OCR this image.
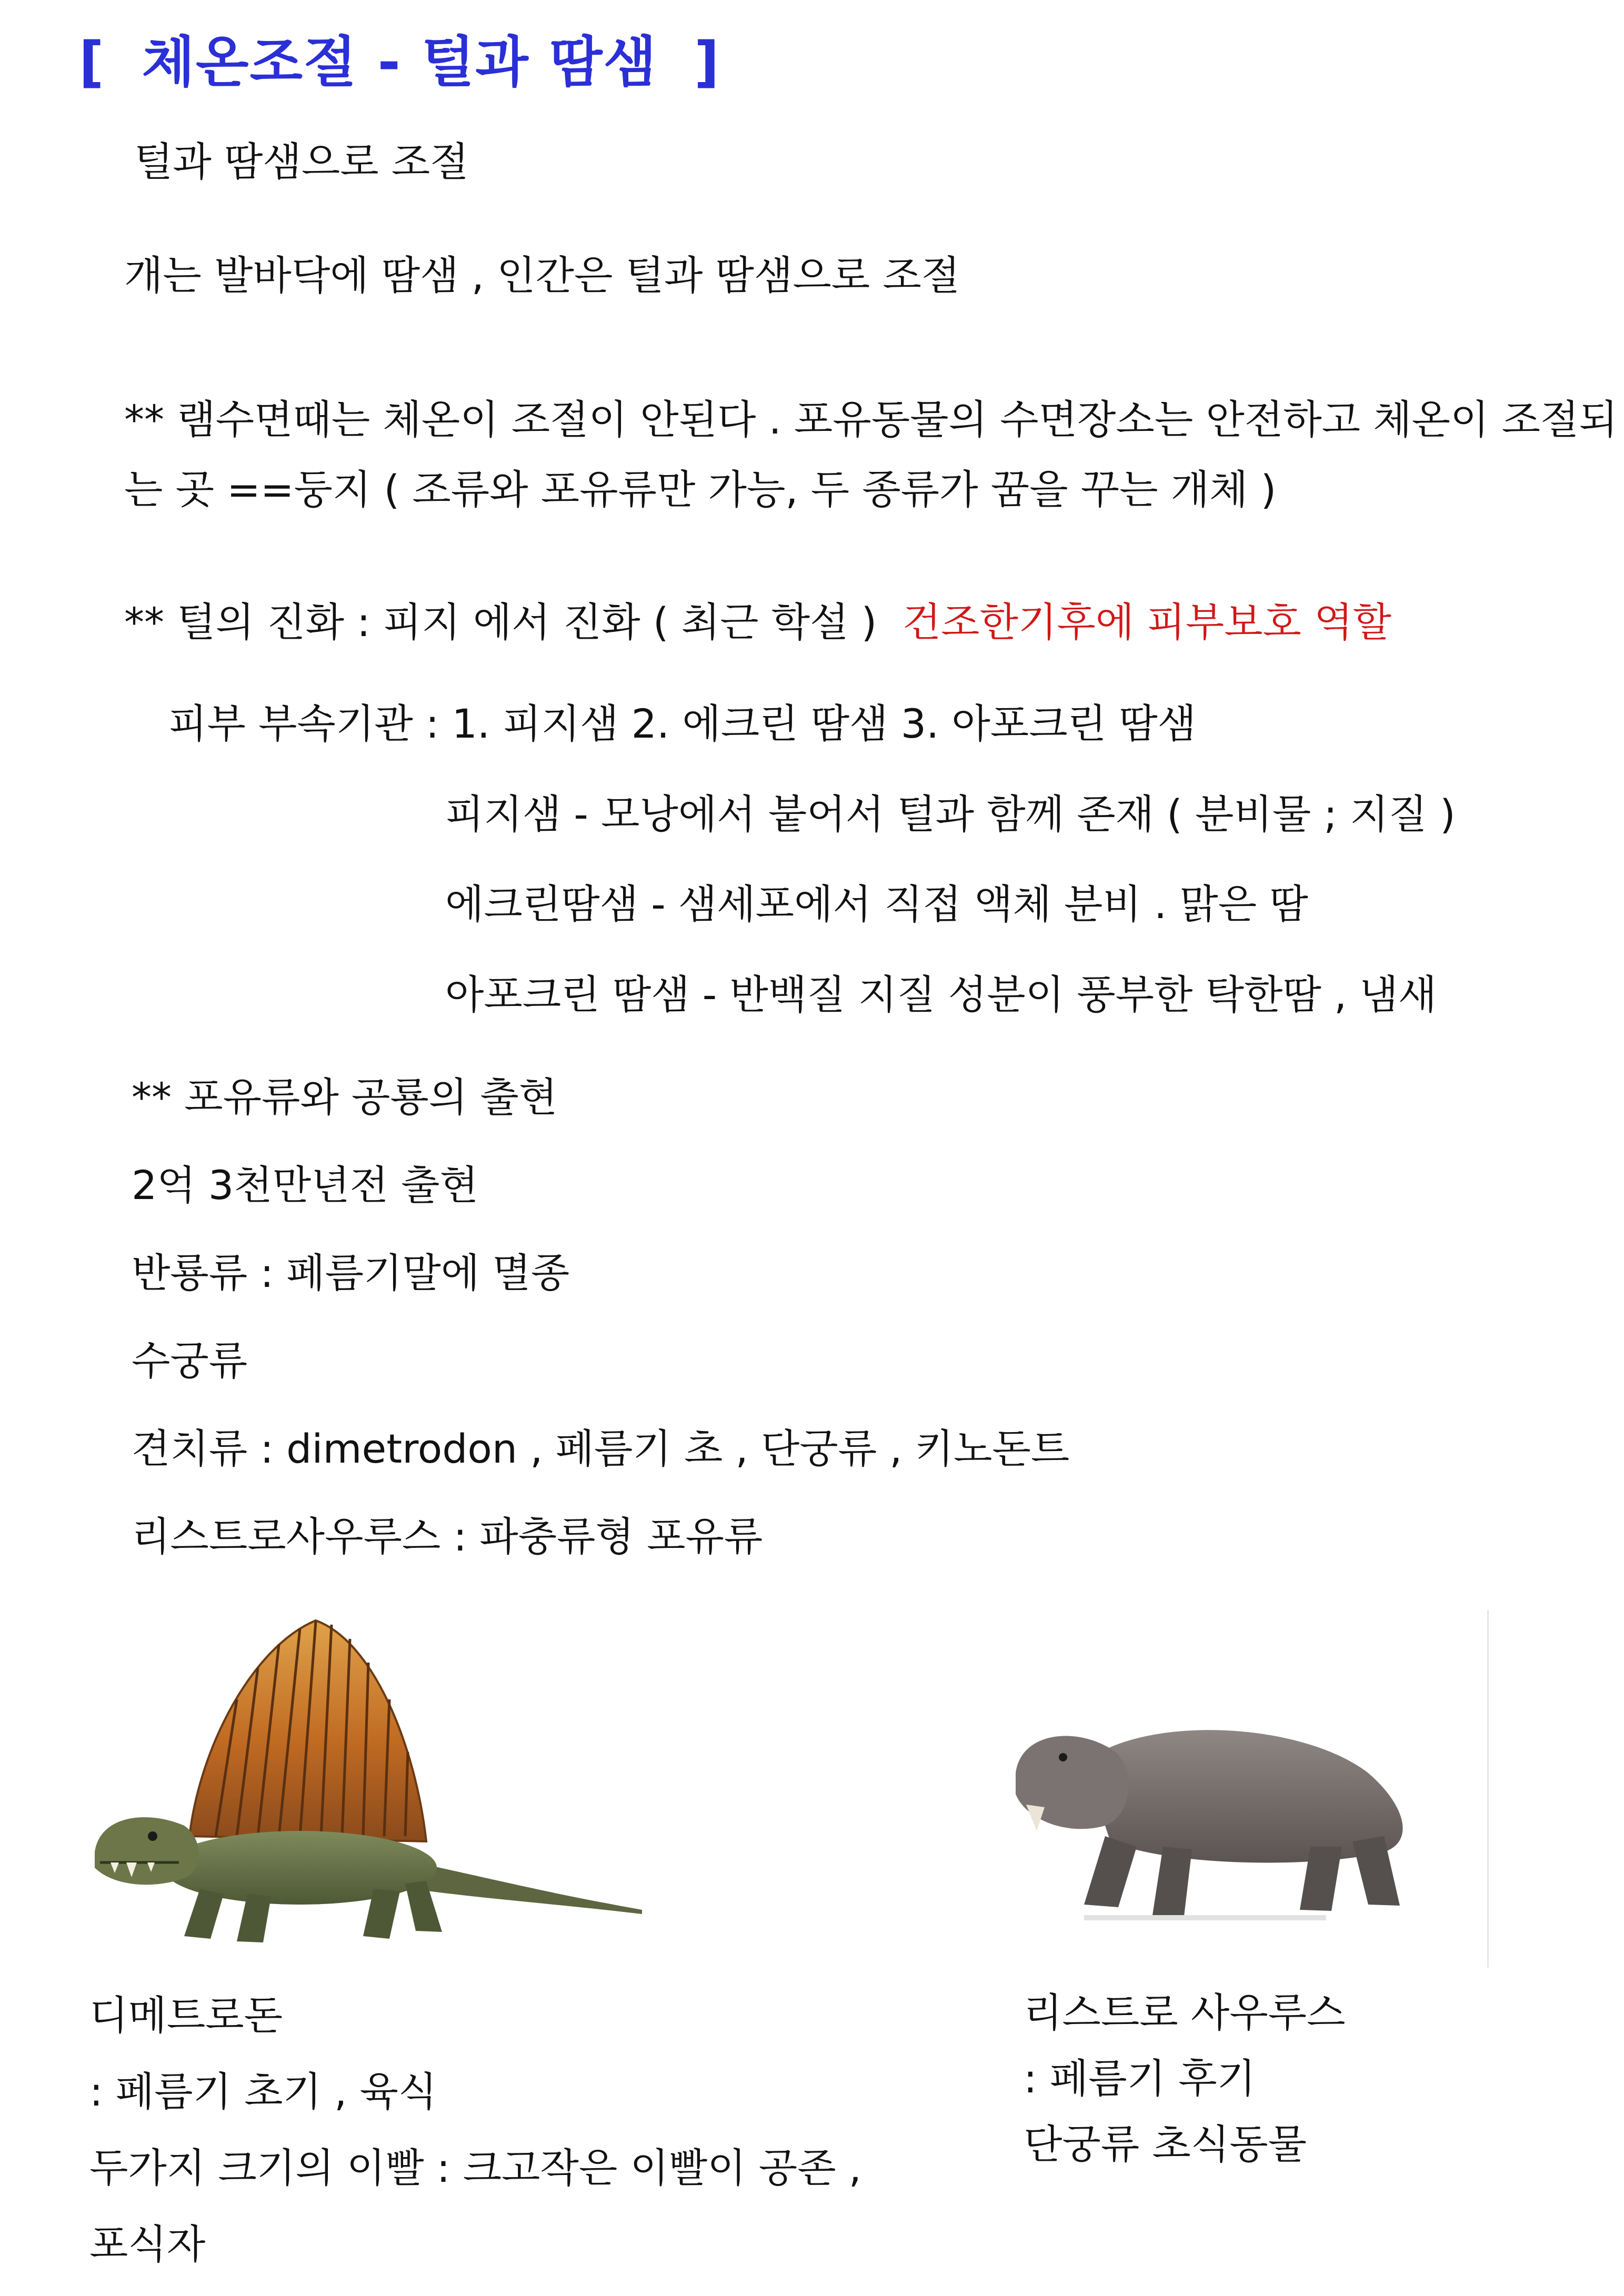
[ 체온조절 - 털과 땀샘 ]
털과 땀샘으로 조절
개는 발바닥에 땀샘 , 인간은 털과 땀샘으로 조절
** 램수면때는 체온이 조절이 안된다 . 포유동물의 수면장소는 안전하고 체온이 조절되
는 곳 ==둥지 ( 조류와 포유류만 가능, 두 종류가 꿈을 꾸는 개체 )
** 털의 진화 : 피지 에서 진화 ( 최근 학설 ) 건조한기후에 피부보호 역할
피부 부속기관 : 1. 피지샘 2. 에크린 땀샘 3. 아포크린 땀샘
피지샘 - 모낭에서 붙어서 털과 함께 존재 ( 분비물 ; 지질 )
에크린땀샘 - 샘세포에서 직접 액체 분비 . 맑은 땀
아포크린 땀샘 - 반백질 지질 성분이 풍부한 탁한땀 , 냄새
** 포유류와 공룡의 출현
2억 3천만년전 출현
반룡류 : 페름기말에 멸종
수궁류
견치류 : dimetrodon , 페름기 초 , 단궁류 , 키노돈트
리스트로사우루스 : 파충류형 포유류
디메트로돈
: 페름기 초기 , 육식
두가지 크기의 이빨 : 크고작은 이빨이 공존 ,
포식자
리스트로 사우루스
: 페름기 후기
단궁류 초식동물
